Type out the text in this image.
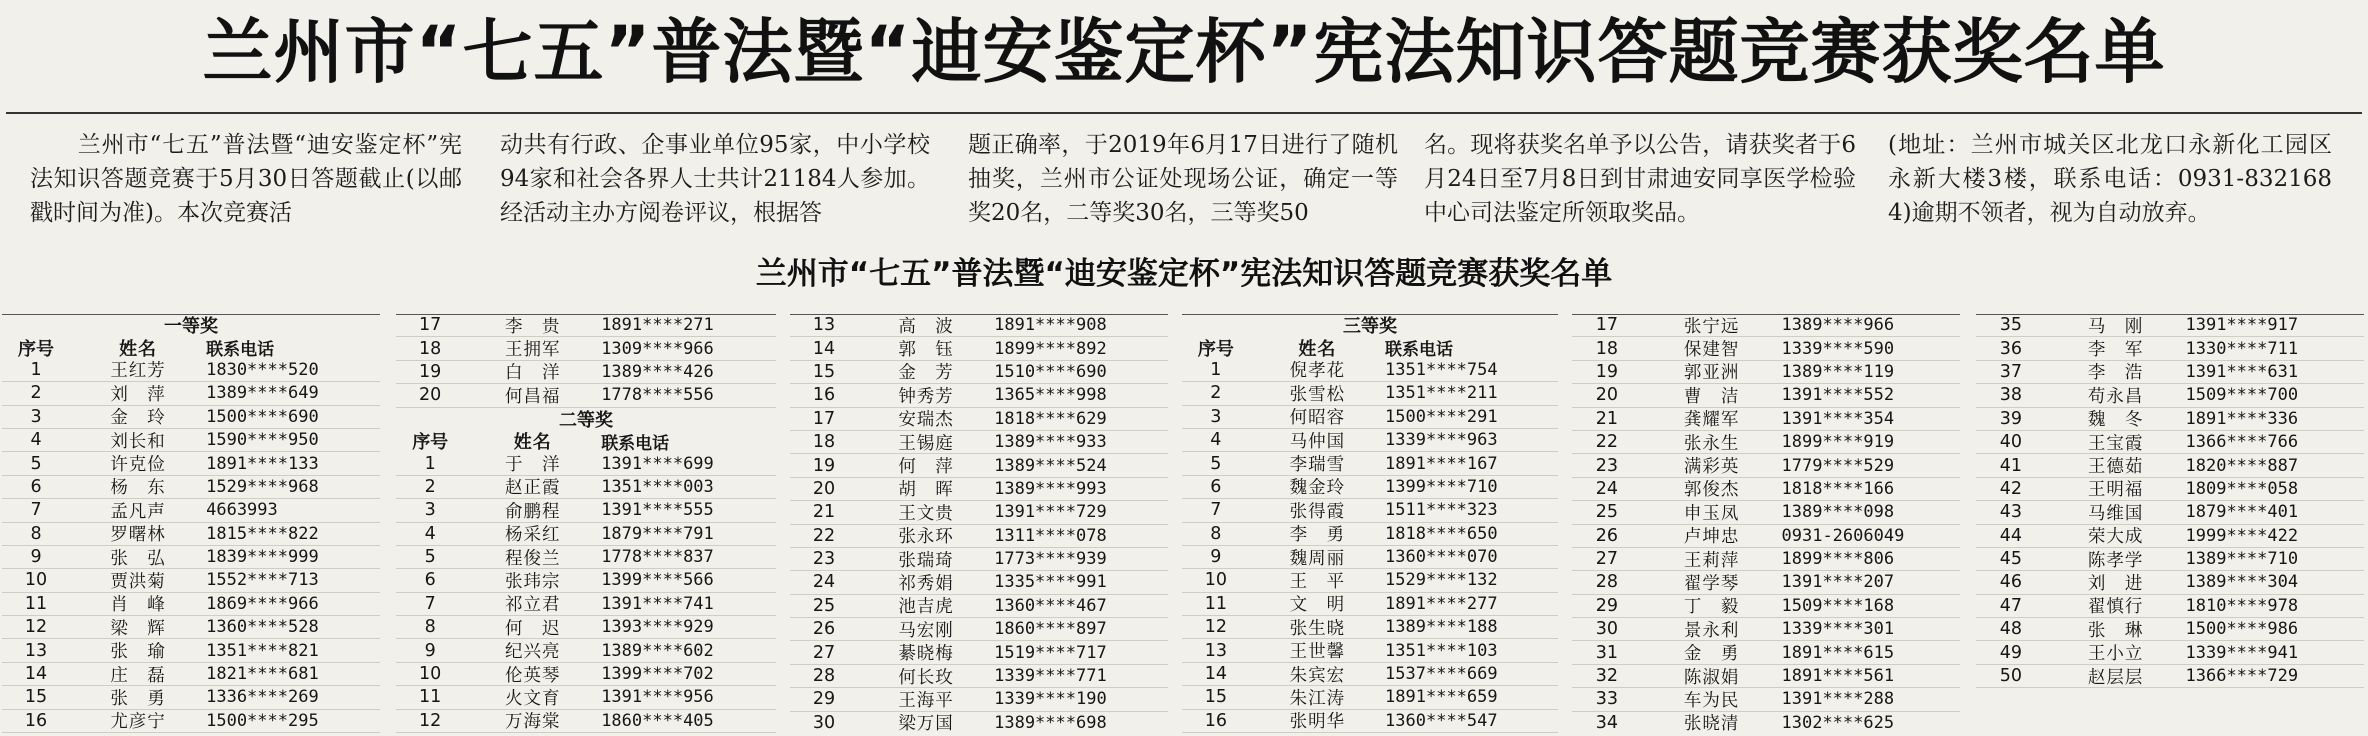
兰州市“七五”普法暨“迪安鉴定杯”宪法知识答题竞赛获奖名单
　　兰州市“七五”普法暨“迪安鉴定杯”宪法知识答题竞赛于5月30日答题截止(以邮戳时间为准)。本次竞赛活
动共有行政、企事业单位95家，中小学校94家和社会各界人士共计21184人参加。经活动主办方阅卷评议，根据答
题正确率，于2019年6月17日进行了随机抽奖，兰州市公证处现场公证，确定一等奖20名，二等奖30名，三等奖50
名。现将获奖名单予以公告，请获奖者于6月24日至7月8日到甘肃迪安同享医学检验中心司法鉴定所领取奖品。
(地址：兰州市城关区北龙口永新化工园区永新大楼3楼，联系电话：0931-8321684)逾期不领者，视为自动放弃。
兰州市“七五”普法暨“迪安鉴定杯”宪法知识答题竞赛获奖名单
一等奖
序号	姓名	联系电话
1	王红芳	1830****520
2	刘　萍	1389****649
3	金　玲	1500****690
4	刘长和	1590****950
5	许克俭	1891****133
6	杨　东	1529****968
7	孟凡声	4663993
8	罗曙林	1815****822
9	张　弘	1839****999
10	贾洪菊	1552****713
11	肖　峰	1869****966
12	梁　辉	1360****528
13	张　瑜	1351****821
14	庄　磊	1821****681
15	张　勇	1336****269
16	尤彦宁	1500****295
17	李　贵	1891****271
18	王拥军	1309****966
19	白　洋	1389****426
20	何昌福	1778****556
二等奖
序号	姓名	联系电话
1	于　洋	1391****699
2	赵正霞	1351****003
3	俞鹏程	1391****555
4	杨采红	1879****791
5	程俊兰	1778****837
6	张玮宗	1399****566
7	祁立君	1391****741
8	何　迟	1393****929
9	纪兴亮	1389****602
10	伦英琴	1399****702
11	火文育	1391****956
12	万海棠	1860****405
13	高　波	1891****908
14	郭　钰	1899****892
15	金　芳	1510****690
16	钟秀芳	1365****998
17	安瑞杰	1818****629
18	王锡庭	1389****933
19	何　萍	1389****524
20	胡　晖	1389****993
21	王文贵	1391****729
22	张永环	1311****078
23	张瑞琦	1773****939
24	祁秀娟	1335****991
25	池吉虎	1360****467
26	马宏刚	1860****897
27	綦晓梅	1519****717
28	何长玫	1339****771
29	王海平	1339****190
30	梁万国	1389****698
三等奖
序号	姓名	联系电话
1	倪孝花	1351****754
2	张雪松	1351****211
3	何昭容	1500****291
4	马仲国	1339****963
5	李瑞雪	1891****167
6	魏金玲	1399****710
7	张得霞	1511****323
8	李　勇	1818****650
9	魏周丽	1360****070
10	王　平	1529****132
11	文　明	1891****277
12	张生晓	1389****188
13	王世馨	1351****103
14	朱宾宏	1537****669
15	朱江涛	1891****659
16	张明华	1360****547
17	张宁远	1389****966
18	保建智	1339****590
19	郭亚洲	1389****119
20	曹　洁	1391****552
21	龚耀军	1391****354
22	张永生	1899****919
23	满彩英	1779****529
24	郭俊杰	1818****166
25	申玉凤	1389****098
26	卢坤忠	0931-2606049
27	王莉萍	1899****806
28	翟学琴	1391****207
29	丁　毅	1509****168
30	景永利	1339****301
31	金　勇	1891****615
32	陈淑娟	1891****561
33	车为民	1391****288
34	张晓清	1302****625
35	马　刚	1391****917
36	李　军	1330****711
37	李　浩	1391****631
38	苟永昌	1509****700
39	魏　冬	1891****336
40	王宝霞	1366****766
41	王德茹	1820****887
42	王明福	1809****058
43	马维国	1879****401
44	荣大成	1999****422
45	陈孝学	1389****710
46	刘　进	1389****304
47	翟慎行	1810****978
48	张　琳	1500****986
49	王小立	1339****941
50	赵层层	1366****729
